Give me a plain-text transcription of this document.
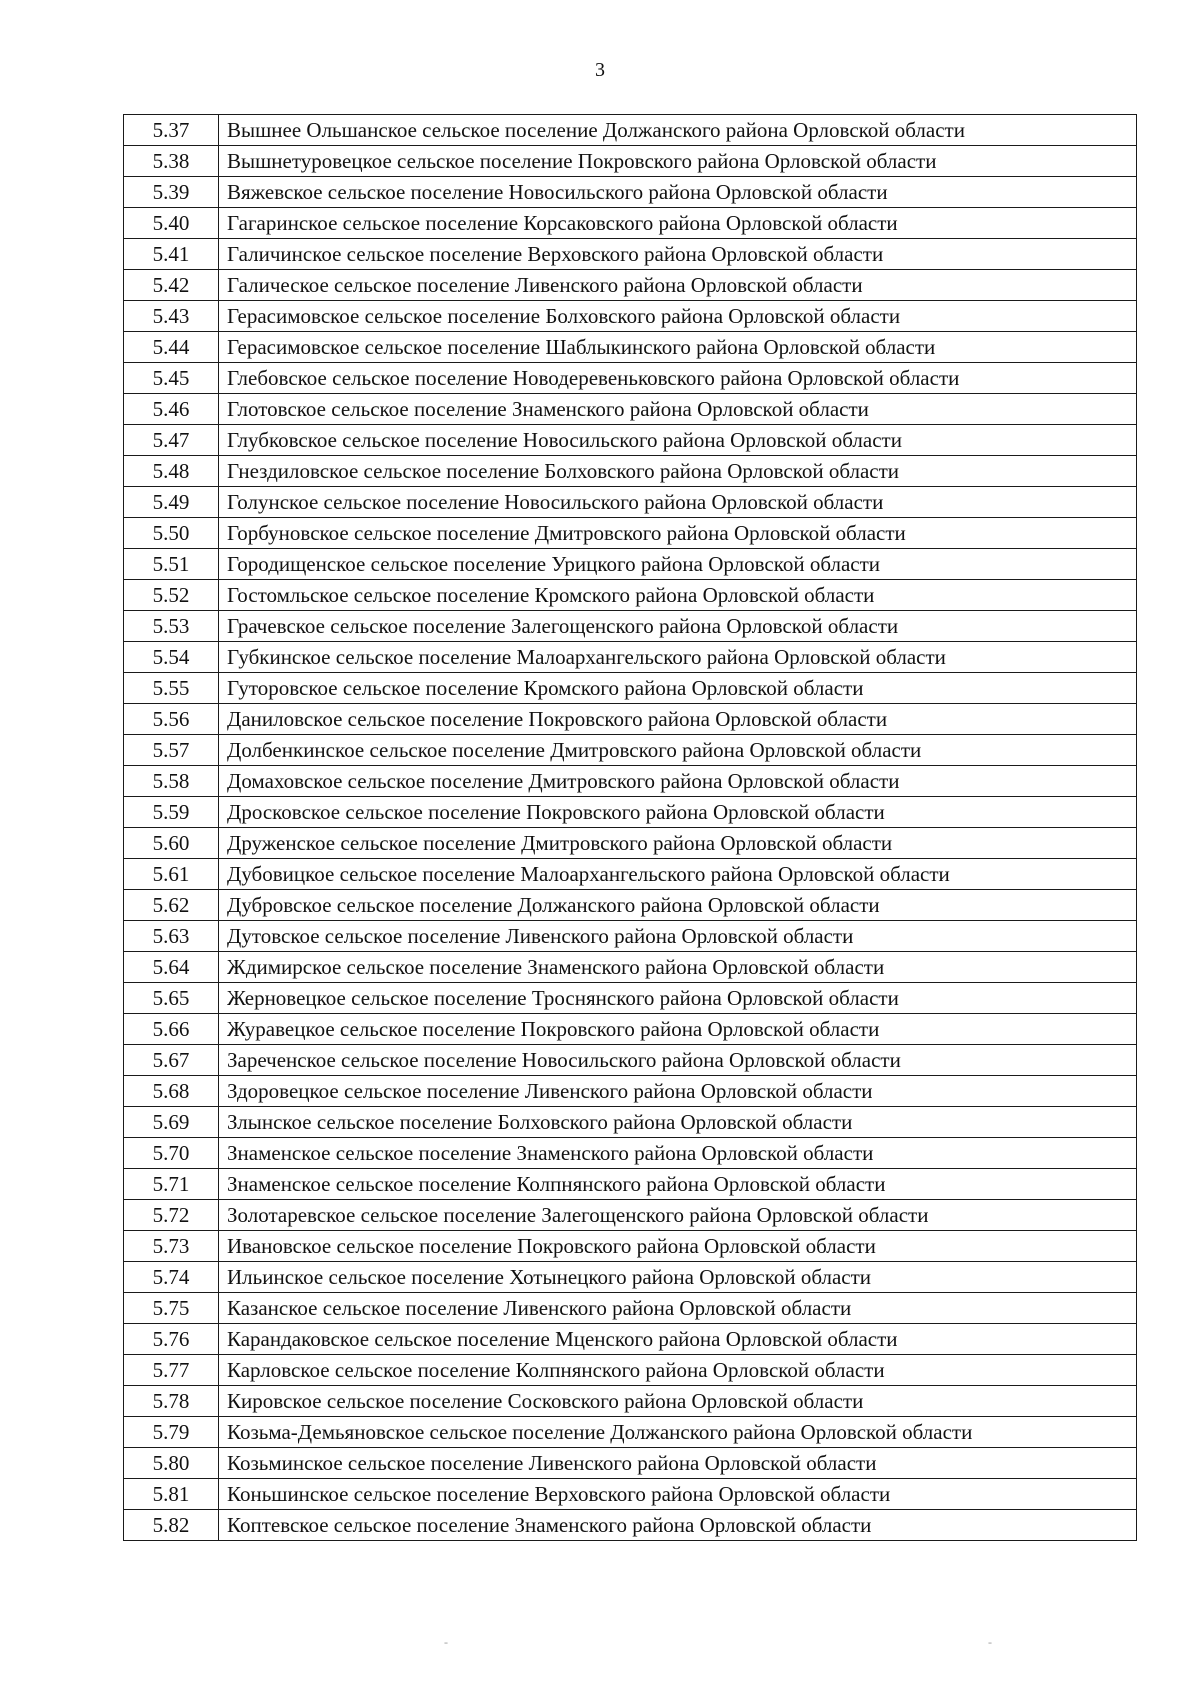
3
5.37	Вышнее Ольшанское сельское поселение Должанского района Орловской области
5.38	Вышнетуровецкое сельское поселение Покровского района Орловской области
5.39	Вяжевское сельское поселение Новосильского района Орловской области
5.40	Гагаринское сельское поселение Корсаковского района Орловской области
5.41	Галичинское сельское поселение Верховского района Орловской области
5.42	Галическое сельское поселение Ливенского района Орловской области
5.43	Герасимовское сельское поселение Болховского района Орловской области
5.44	Герасимовское сельское поселение Шаблыкинского района Орловской области
5.45	Глебовское сельское поселение Новодеревеньковского района Орловской области
5.46	Глотовское сельское поселение Знаменского района Орловской области
5.47	Глубковское сельское поселение Новосильского района Орловской области
5.48	Гнездиловское сельское поселение Болховского района Орловской области
5.49	Голунское сельское поселение Новосильского района Орловской области
5.50	Горбуновское сельское поселение Дмитровского района Орловской области
5.51	Городищенское сельское поселение Урицкого района Орловской области
5.52	Гостомльское сельское поселение Кромского района Орловской области
5.53	Грачевское сельское поселение Залегощенского района Орловской области
5.54	Губкинское сельское поселение Малоархангельского района Орловской области
5.55	Гуторовское сельское поселение Кромского района Орловской области
5.56	Даниловское сельское поселение Покровского района Орловской области
5.57	Долбенкинское сельское поселение Дмитровского района Орловской области
5.58	Домаховское сельское поселение Дмитровского района Орловской области
5.59	Дросковское сельское поселение Покровского района Орловской области
5.60	Друженское сельское поселение Дмитровского района Орловской области
5.61	Дубовицкое сельское поселение Малоархангельского района Орловской области
5.62	Дубровское сельское поселение Должанского района Орловской области
5.63	Дутовское сельское поселение Ливенского района Орловской области
5.64	Ждимирское сельское поселение Знаменского района Орловской области
5.65	Жерновецкое сельское поселение Троснянского района Орловской области
5.66	Журавецкое сельское поселение Покровского района Орловской области
5.67	Зареченское сельское поселение Новосильского района Орловской области
5.68	Здоровецкое сельское поселение Ливенского района Орловской области
5.69	Злынское сельское поселение Болховского района Орловской области
5.70	Знаменское сельское поселение Знаменского района Орловской области
5.71	Знаменское сельское поселение Колпнянского района Орловской области
5.72	Золотаревское сельское поселение Залегощенского района Орловской области
5.73	Ивановское сельское поселение Покровского района Орловской области
5.74	Ильинское сельское поселение Хотынецкого района Орловской области
5.75	Казанское сельское поселение Ливенского района Орловской области
5.76	Карандаковское сельское поселение Мценского района Орловской области
5.77	Карловское сельское поселение Колпнянского района Орловской области
5.78	Кировское сельское поселение Сосковского района Орловской области
5.79	Козьма-Демьяновское сельское поселение Должанского района Орловской области
5.80	Козьминское сельское поселение Ливенского района Орловской области
5.81	Коньшинское сельское поселение Верховского района Орловской области
5.82	Коптевское сельское поселение Знаменского района Орловской области
-	-
